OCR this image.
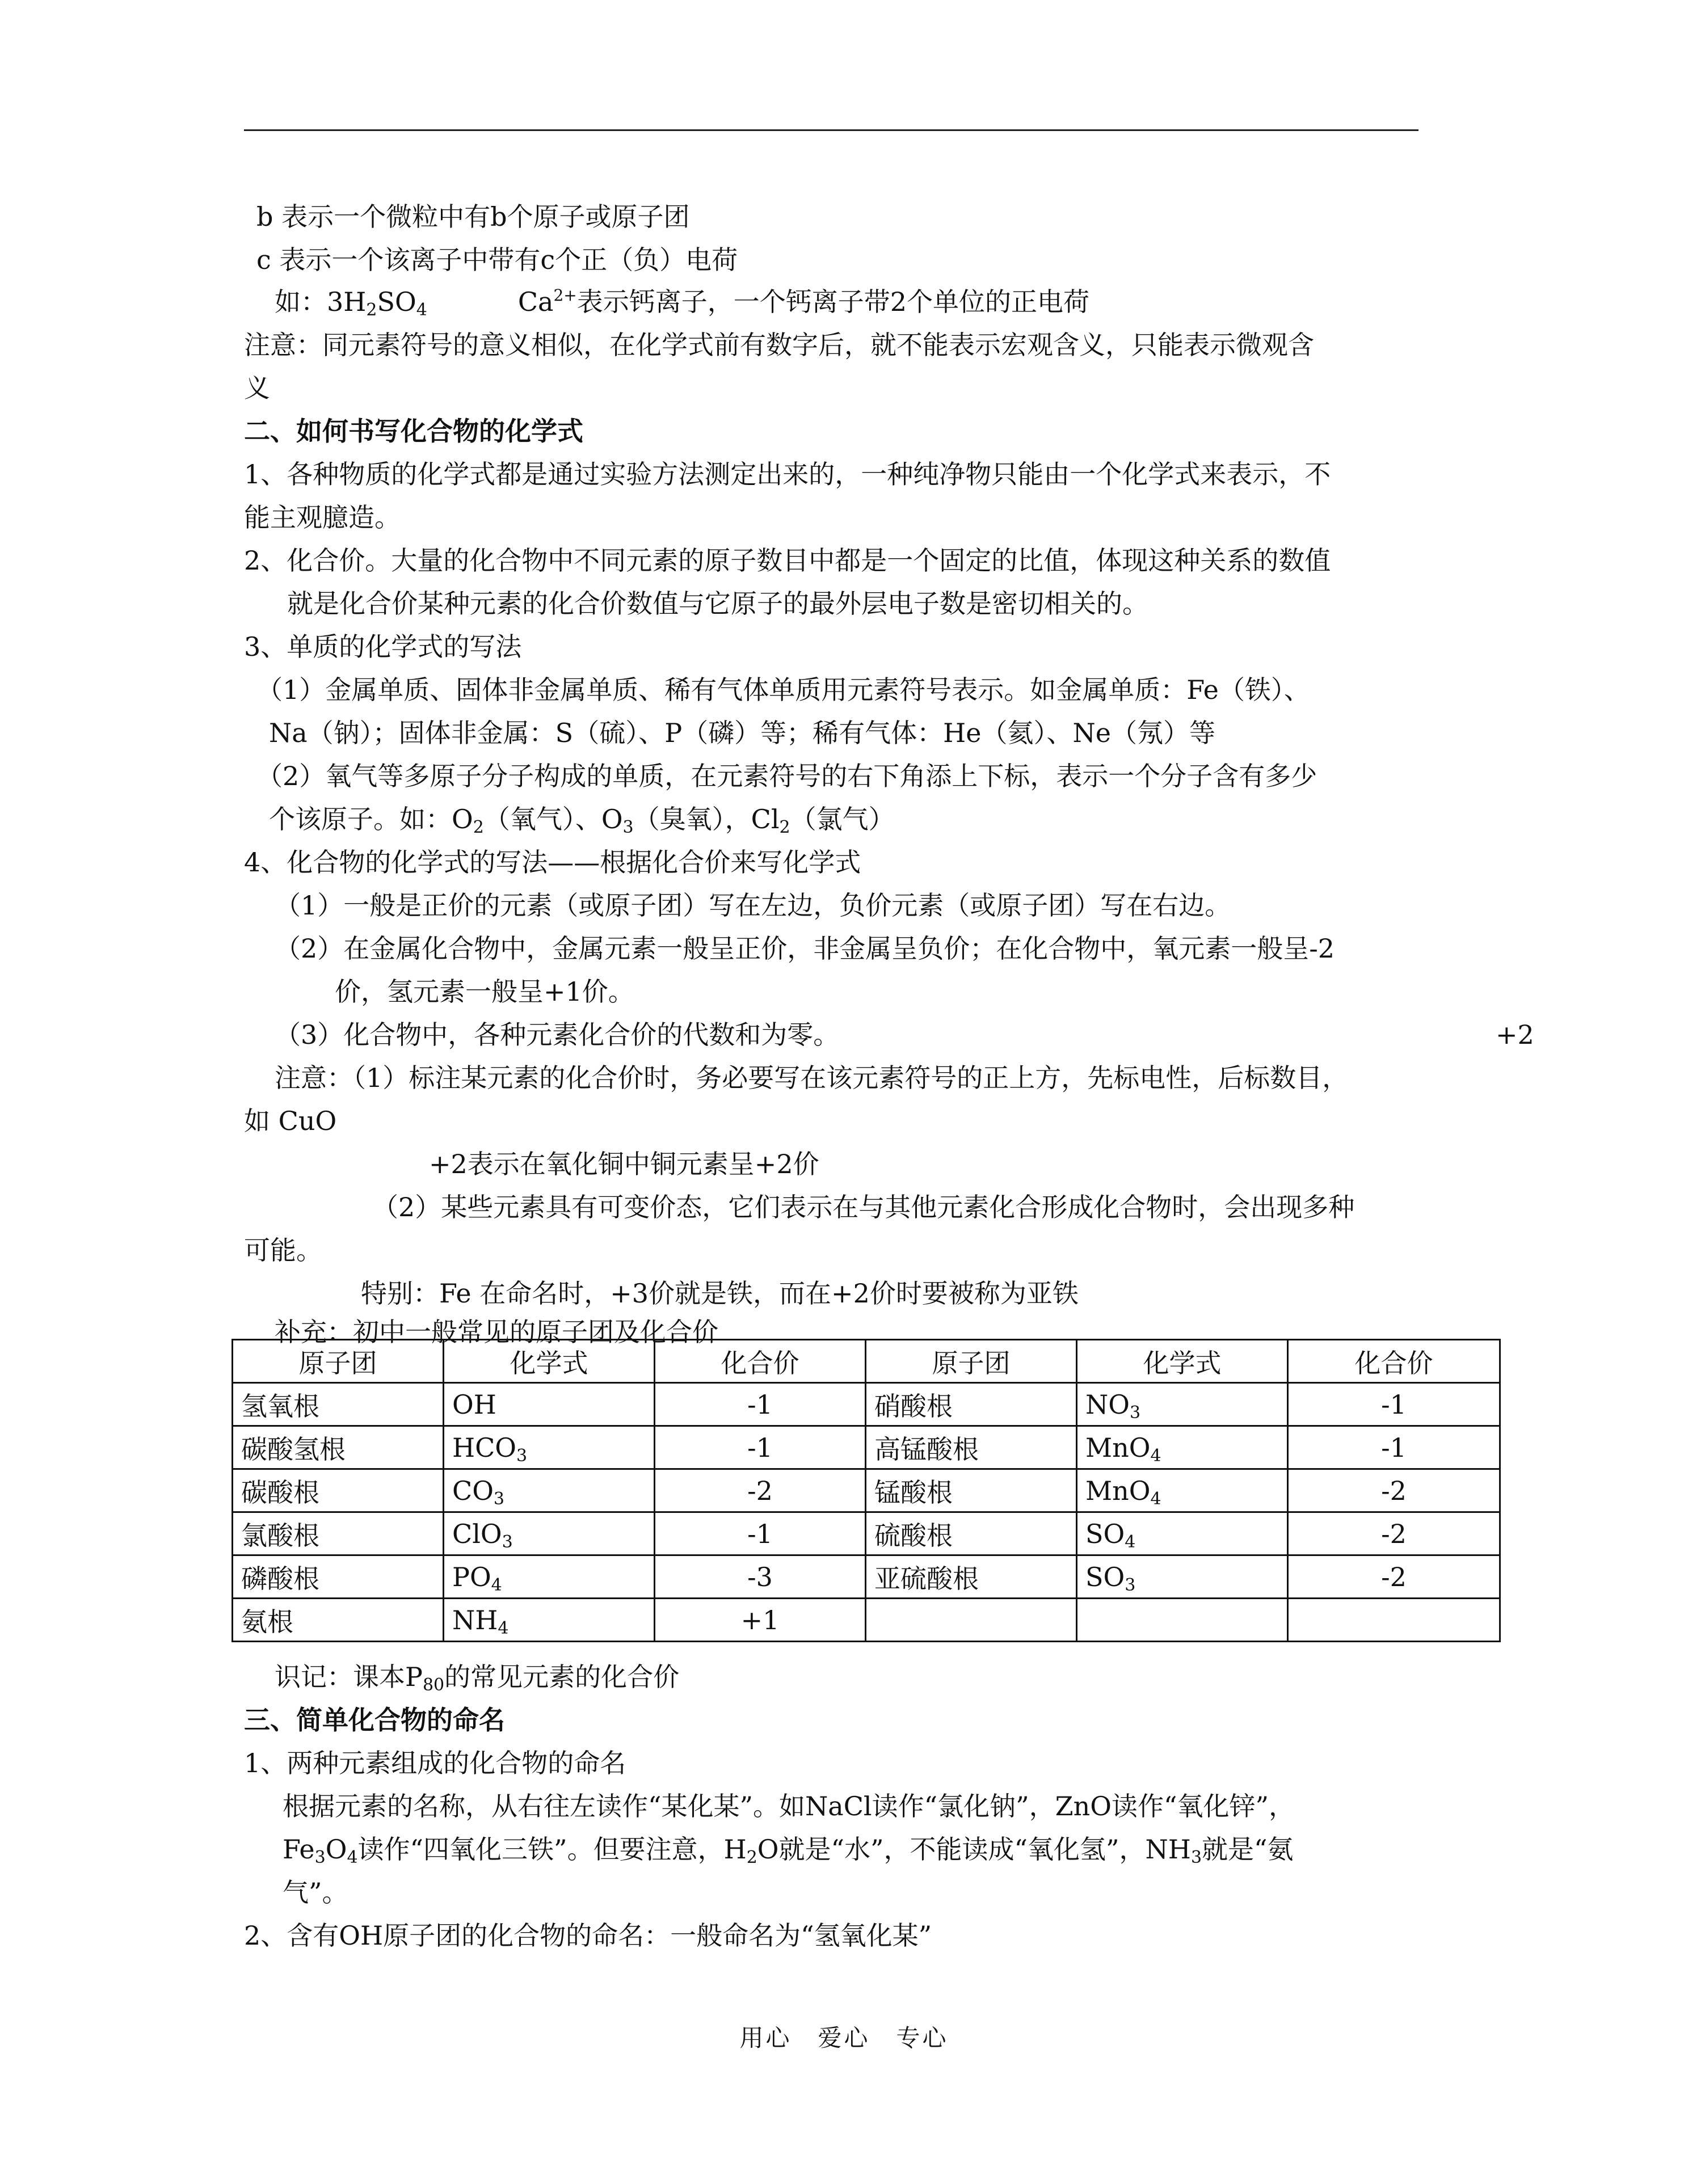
b 表示一个微粒中有b个原子或原子团
c 表示一个该离子中带有c个正（负）电荷
如：$3H_2SO_4$	$Ca^{2+}$表示钙离子，一个钙离子带2个单位的正电荷
注意：同元素符号的意义相似，在化学式前有数字后，就不能表示宏观含义，只能表示微观含
义
二、如何书写化合物的化学式
1、各种物质的化学式都是通过实验方法测定出来的，一种纯净物只能由一个化学式来表示，不
能主观臆造。
2、化合价。大量的化合物中不同元素的原子数目中都是一个固定的比值，体现这种关系的数值
就是化合价某种元素的化合价数值与它原子的最外层电子数是密切相关的。
3、单质的化学式的写法
（1）金属单质、固体非金属单质、稀有气体单质用元素符号表示。如金属单质：Fe（铁）、
Na（钠）；固体非金属：S（硫）、P（磷）等；稀有气体：He（氦）、Ne（氖）等
（2）氧气等多原子分子构成的单质，在元素符号的右下角添上下标，表示一个分子含有多少
个该原子。如：$O_2$（氧气）、$O_3$（臭氧），$Cl_2$（氯气）
4、化合物的化学式的写法——根据化合价来写化学式
（1）一般是正价的元素（或原子团）写在左边，负价元素（或原子团）写在右边。
（2）在金属化合物中，金属元素一般呈正价，非金属呈负价；在化合物中，氧元素一般呈-2
价，氢元素一般呈+1价。
（3）化合物中，各种元素化合价的代数和为零。	+2
注意：（1）标注某元素的化合价时，务必要写在该元素符号的正上方，先标电性，后标数目，
如 CuO
+2表示在氧化铜中铜元素呈+2价
（2）某些元素具有可变价态，它们表示在与其他元素化合形成化合物时，会出现多种
可能。
特别：Fe 在命名时，+3价就是铁，而在+2价时要被称为亚铁
补充：初中一般常见的原子团及化合价
原子团	化学式	化合价	原子团	化学式	化合价
氢氧根	OH	-1	硝酸根	$NO_3$	-1
碳酸氢根	$HCO_3$	-1	高锰酸根	MnO$_4$	-1
碳酸根	$CO_3$	-2	锰酸根	MnO$_4$	-2
氯酸根	ClO$_3$	-1	硫酸根	$SO_4$	-2
磷酸根	$PO_4$	-3	亚硫酸根	$SO_3$	-2
氨根	$NH_4$	+1			
识记：课本$P_{80}$的常见元素的化合价
三、简单化合物的命名
1、两种元素组成的化合物的命名
根据元素的名称，从右往左读作“某化某”。如NaCl读作“氯化钠”，ZnO读作“氧化锌”，
$Fe_3O_4$读作“四氧化三铁”。但要注意，$H_2O$就是“水”，不能读成“氧化氢”，$NH_3$就是“氨
气”。
2、含有OH原子团的化合物的命名：一般命名为“氢氧化某”
用心　爱心　专心
